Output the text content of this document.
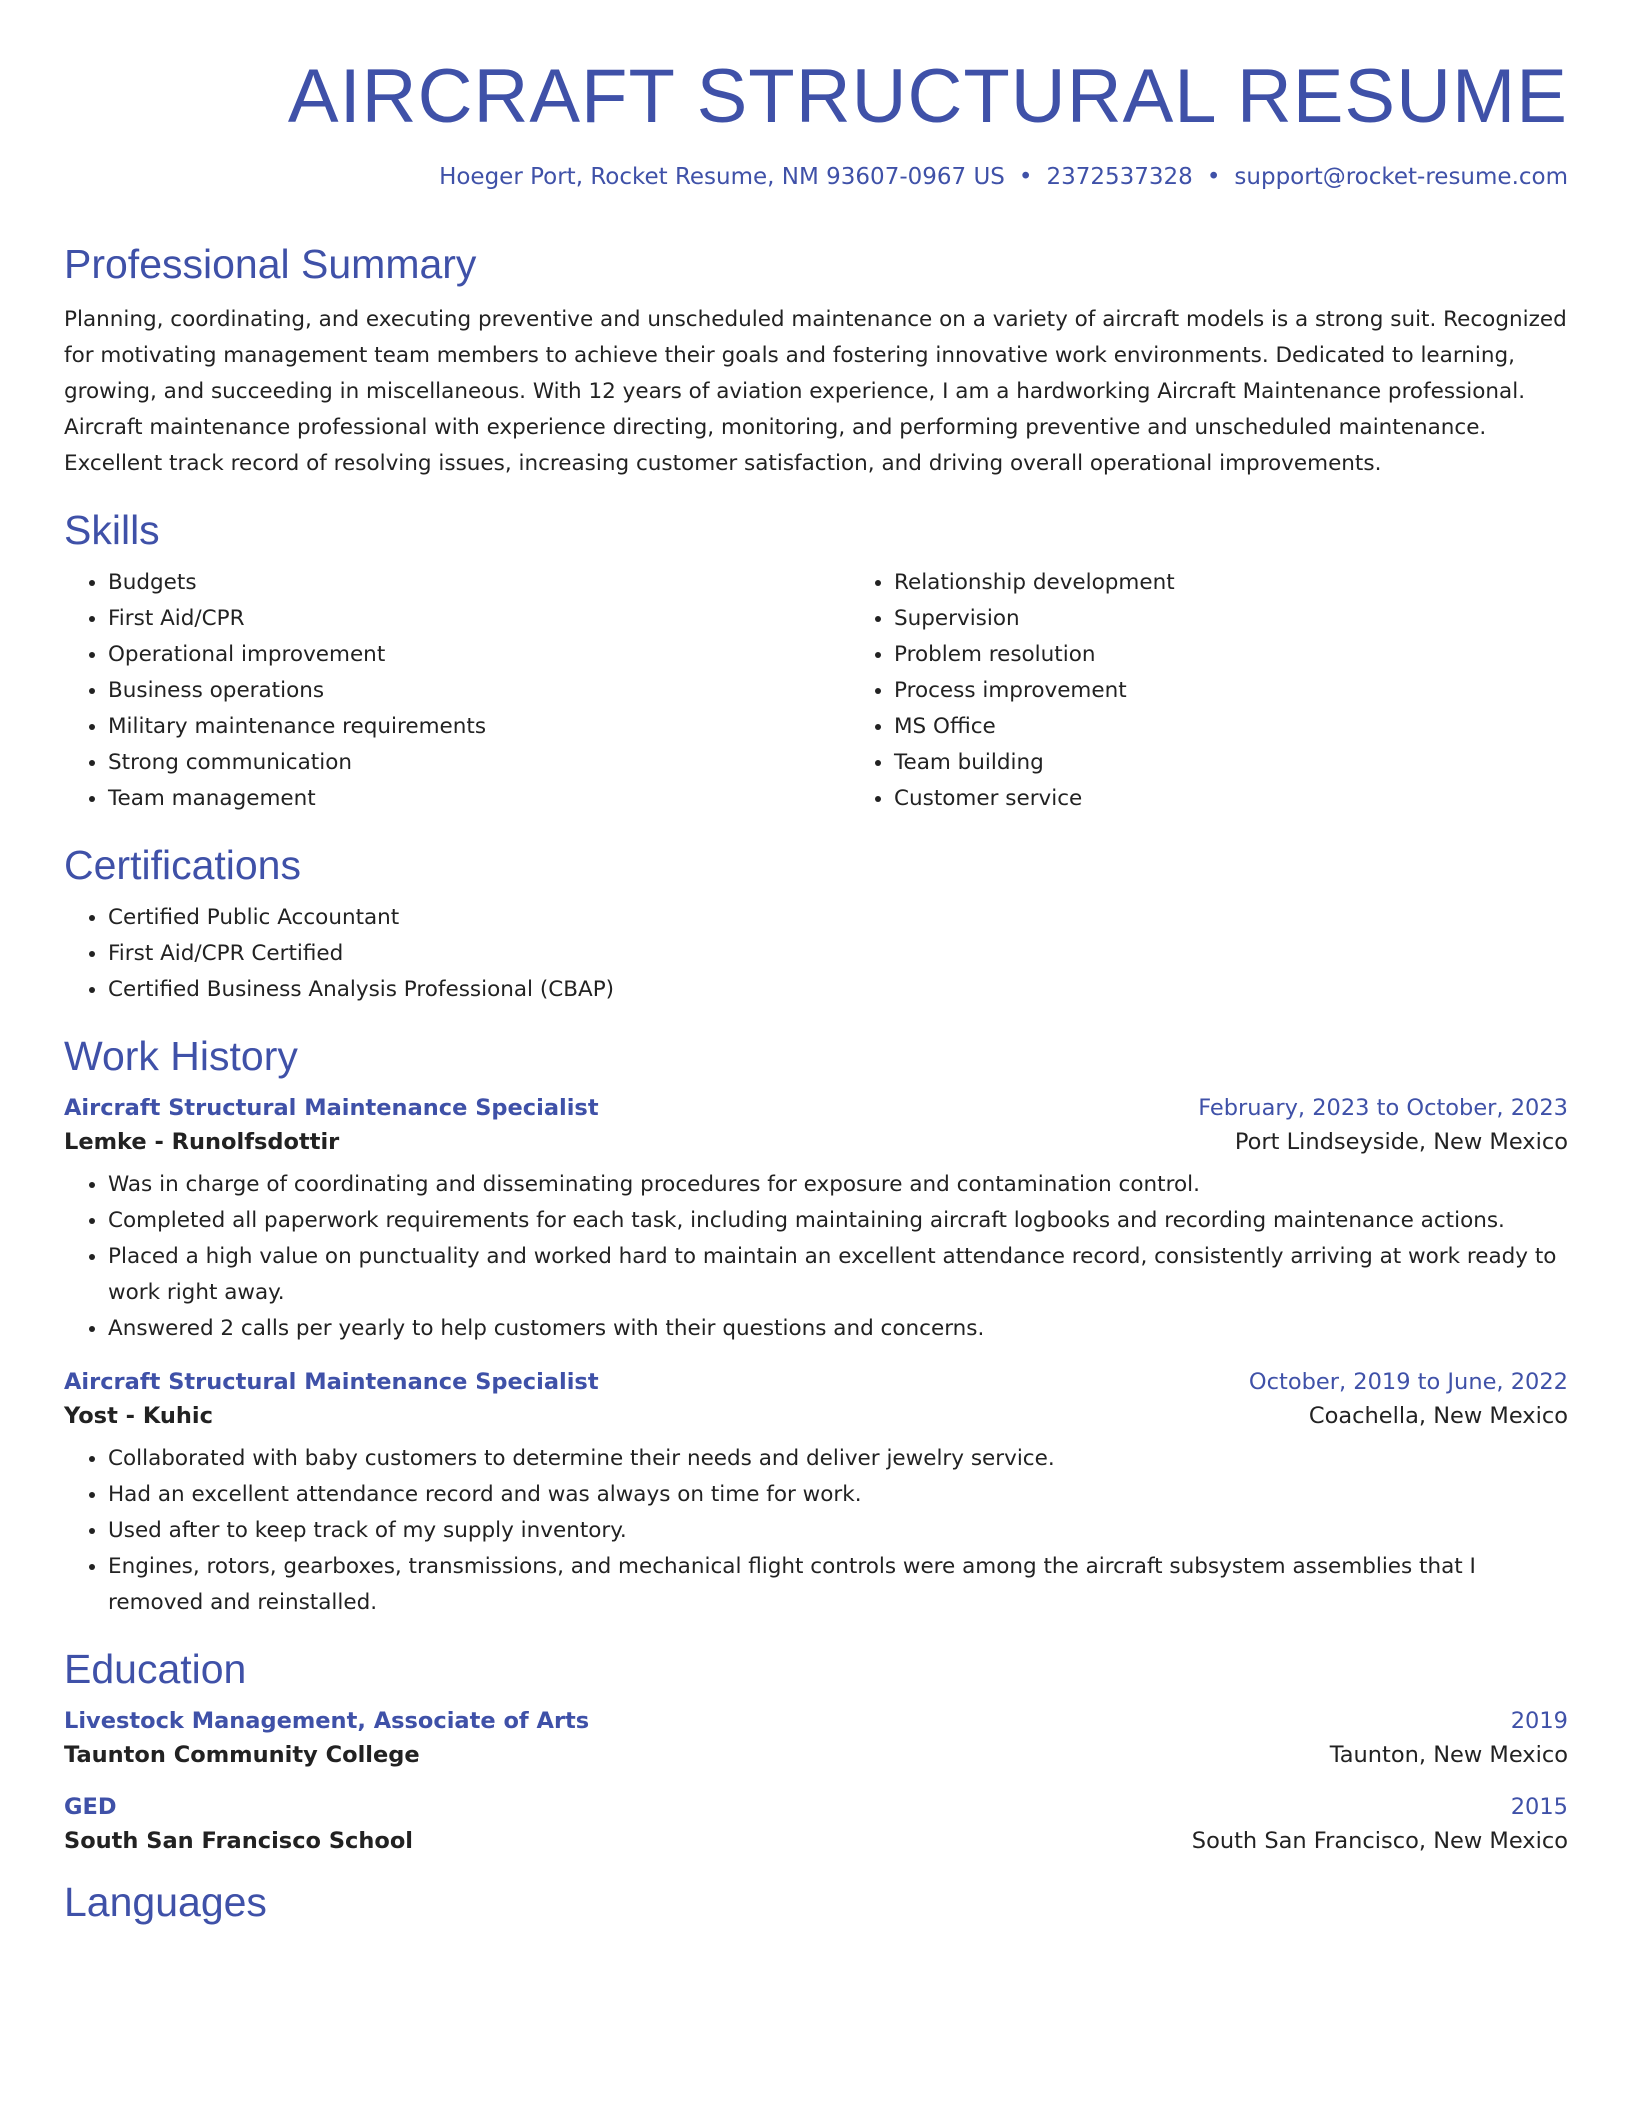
AIRCRAFT STRUCTURAL RESUME
Hoeger Port, Rocket Resume, NM 93607-0967 US • 2372537328 • support@rocket-resume.com
Professional Summary

Planning, coordinating, and executing preventive and unscheduled maintenance on a variety of aircraft models is a strong suit. Recognized for motivating management team members to achieve their goals and fostering innovative work environments. Dedicated to learning, growing, and succeeding in miscellaneous. With 12 years of aviation experience, I am a hardworking Aircraft Maintenance professional. Aircraft maintenance professional with experience directing, monitoring, and performing preventive and unscheduled maintenance. Excellent track record of resolving issues, increasing customer satisfaction, and driving overall operational improvements.

Skills
• Budgets
• First Aid/CPR
• Operational improvement
• Business operations
• Military maintenance requirements
• Strong communication
• Team management
• Relationship development
• Supervision
• Problem resolution
• Process improvement
• MS Office
• Team building
• Customer service
Certifications
• Certified Public Accountant
• First Aid/CPR Certified
• Certified Business Analysis Professional (CBAP)
Work History
Aircraft Structural Maintenance Specialist	February, 2023 to October, 2023
Lemke - Runolfsdottir	Port Lindseyside, New Mexico
• Was in charge of coordinating and disseminating procedures for exposure and contamination control.
• Completed all paperwork requirements for each task, including maintaining aircraft logbooks and recording maintenance actions.
• Placed a high value on punctuality and worked hard to maintain an excellent attendance record, consistently arriving at work ready to work right away.
• Answered 2 calls per yearly to help customers with their questions and concerns.
Aircraft Structural Maintenance Specialist	October, 2019 to June, 2022
Yost - Kuhic	Coachella, New Mexico
• Collaborated with baby customers to determine their needs and deliver jewelry service.
• Had an excellent attendance record and was always on time for work.
• Used after to keep track of my supply inventory.
• Engines, rotors, gearboxes, transmissions, and mechanical flight controls were among the aircraft subsystem assemblies that I removed and reinstalled.
Education
Livestock Management, Associate of Arts	2019
Taunton Community College	Taunton, New Mexico
GED	2015
South San Francisco School	South San Francisco, New Mexico
Languages
